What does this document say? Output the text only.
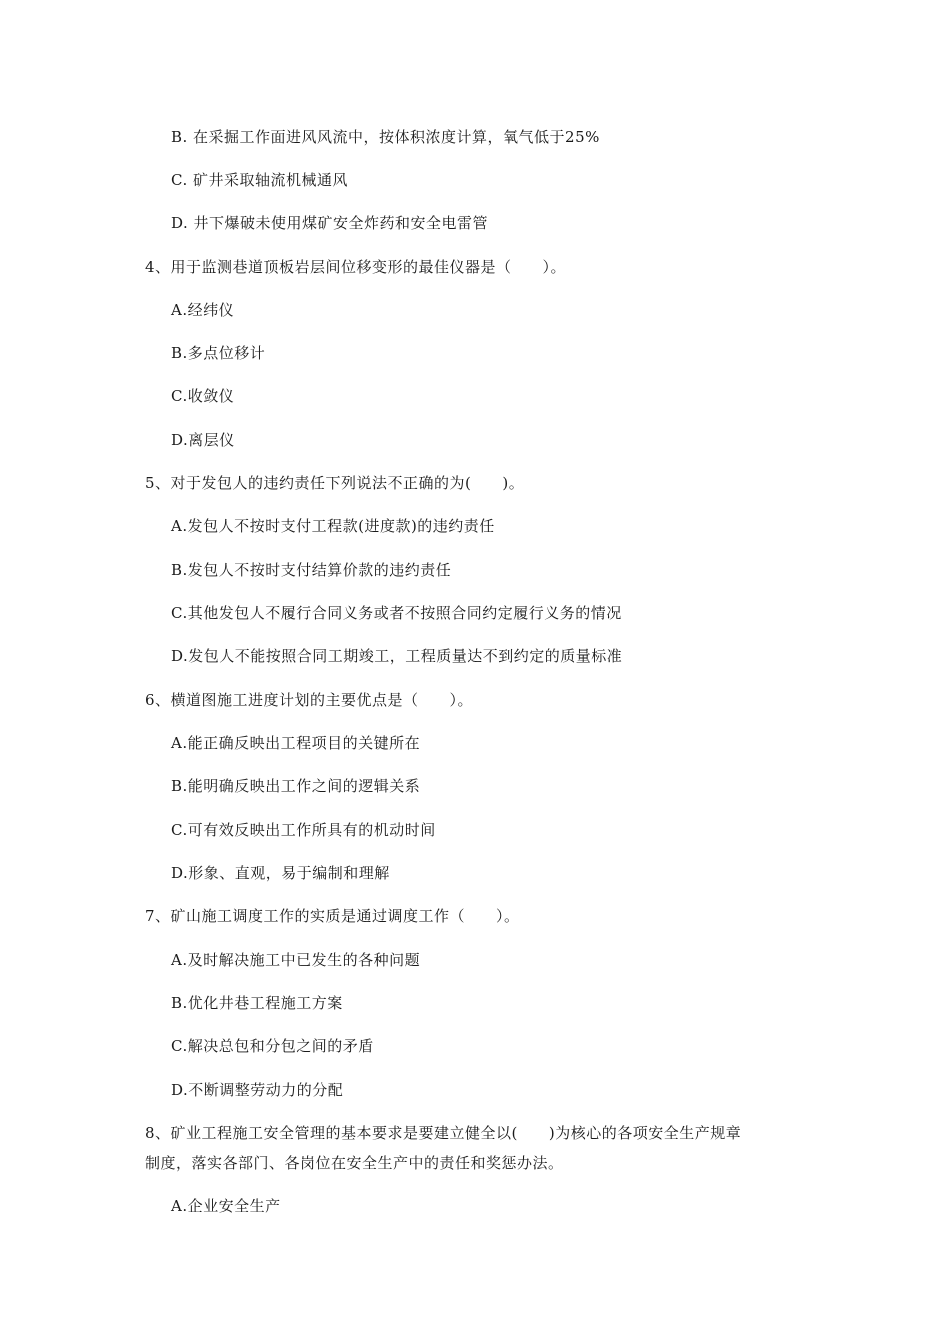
B. 在采掘工作面进风风流中，按体积浓度计算，氧气低于25%
C. 矿井采取轴流机械通风
D. 井下爆破未使用煤矿安全炸药和安全电雷管
4、用于监测巷道顶板岩层间位移变形的最佳仪器是（　　）。
A.经纬仪
B.多点位移计
C.收敛仪
D.离层仪
5、对于发包人的违约责任下列说法不正确的为(　　)。
A.发包人不按时支付工程款(进度款)的违约责任
B.发包人不按时支付结算价款的违约责任
C.其他发包人不履行合同义务或者不按照合同约定履行义务的情况
D.发包人不能按照合同工期竣工，工程质量达不到约定的质量标准
6、横道图施工进度计划的主要优点是（　　）。
A.能正确反映出工程项目的关键所在
B.能明确反映出工作之间的逻辑关系
C.可有效反映出工作所具有的机动时间
D.形象、直观，易于编制和理解
7、矿山施工调度工作的实质是通过调度工作（　　）。
A.及时解决施工中已发生的各种问题
B.优化井巷工程施工方案
C.解决总包和分包之间的矛盾
D.不断调整劳动力的分配
8、矿业工程施工安全管理的基本要求是要建立健全以(　　)为核心的各项安全生产规章
制度，落实各部门、各岗位在安全生产中的责任和奖惩办法。
A.企业安全生产
